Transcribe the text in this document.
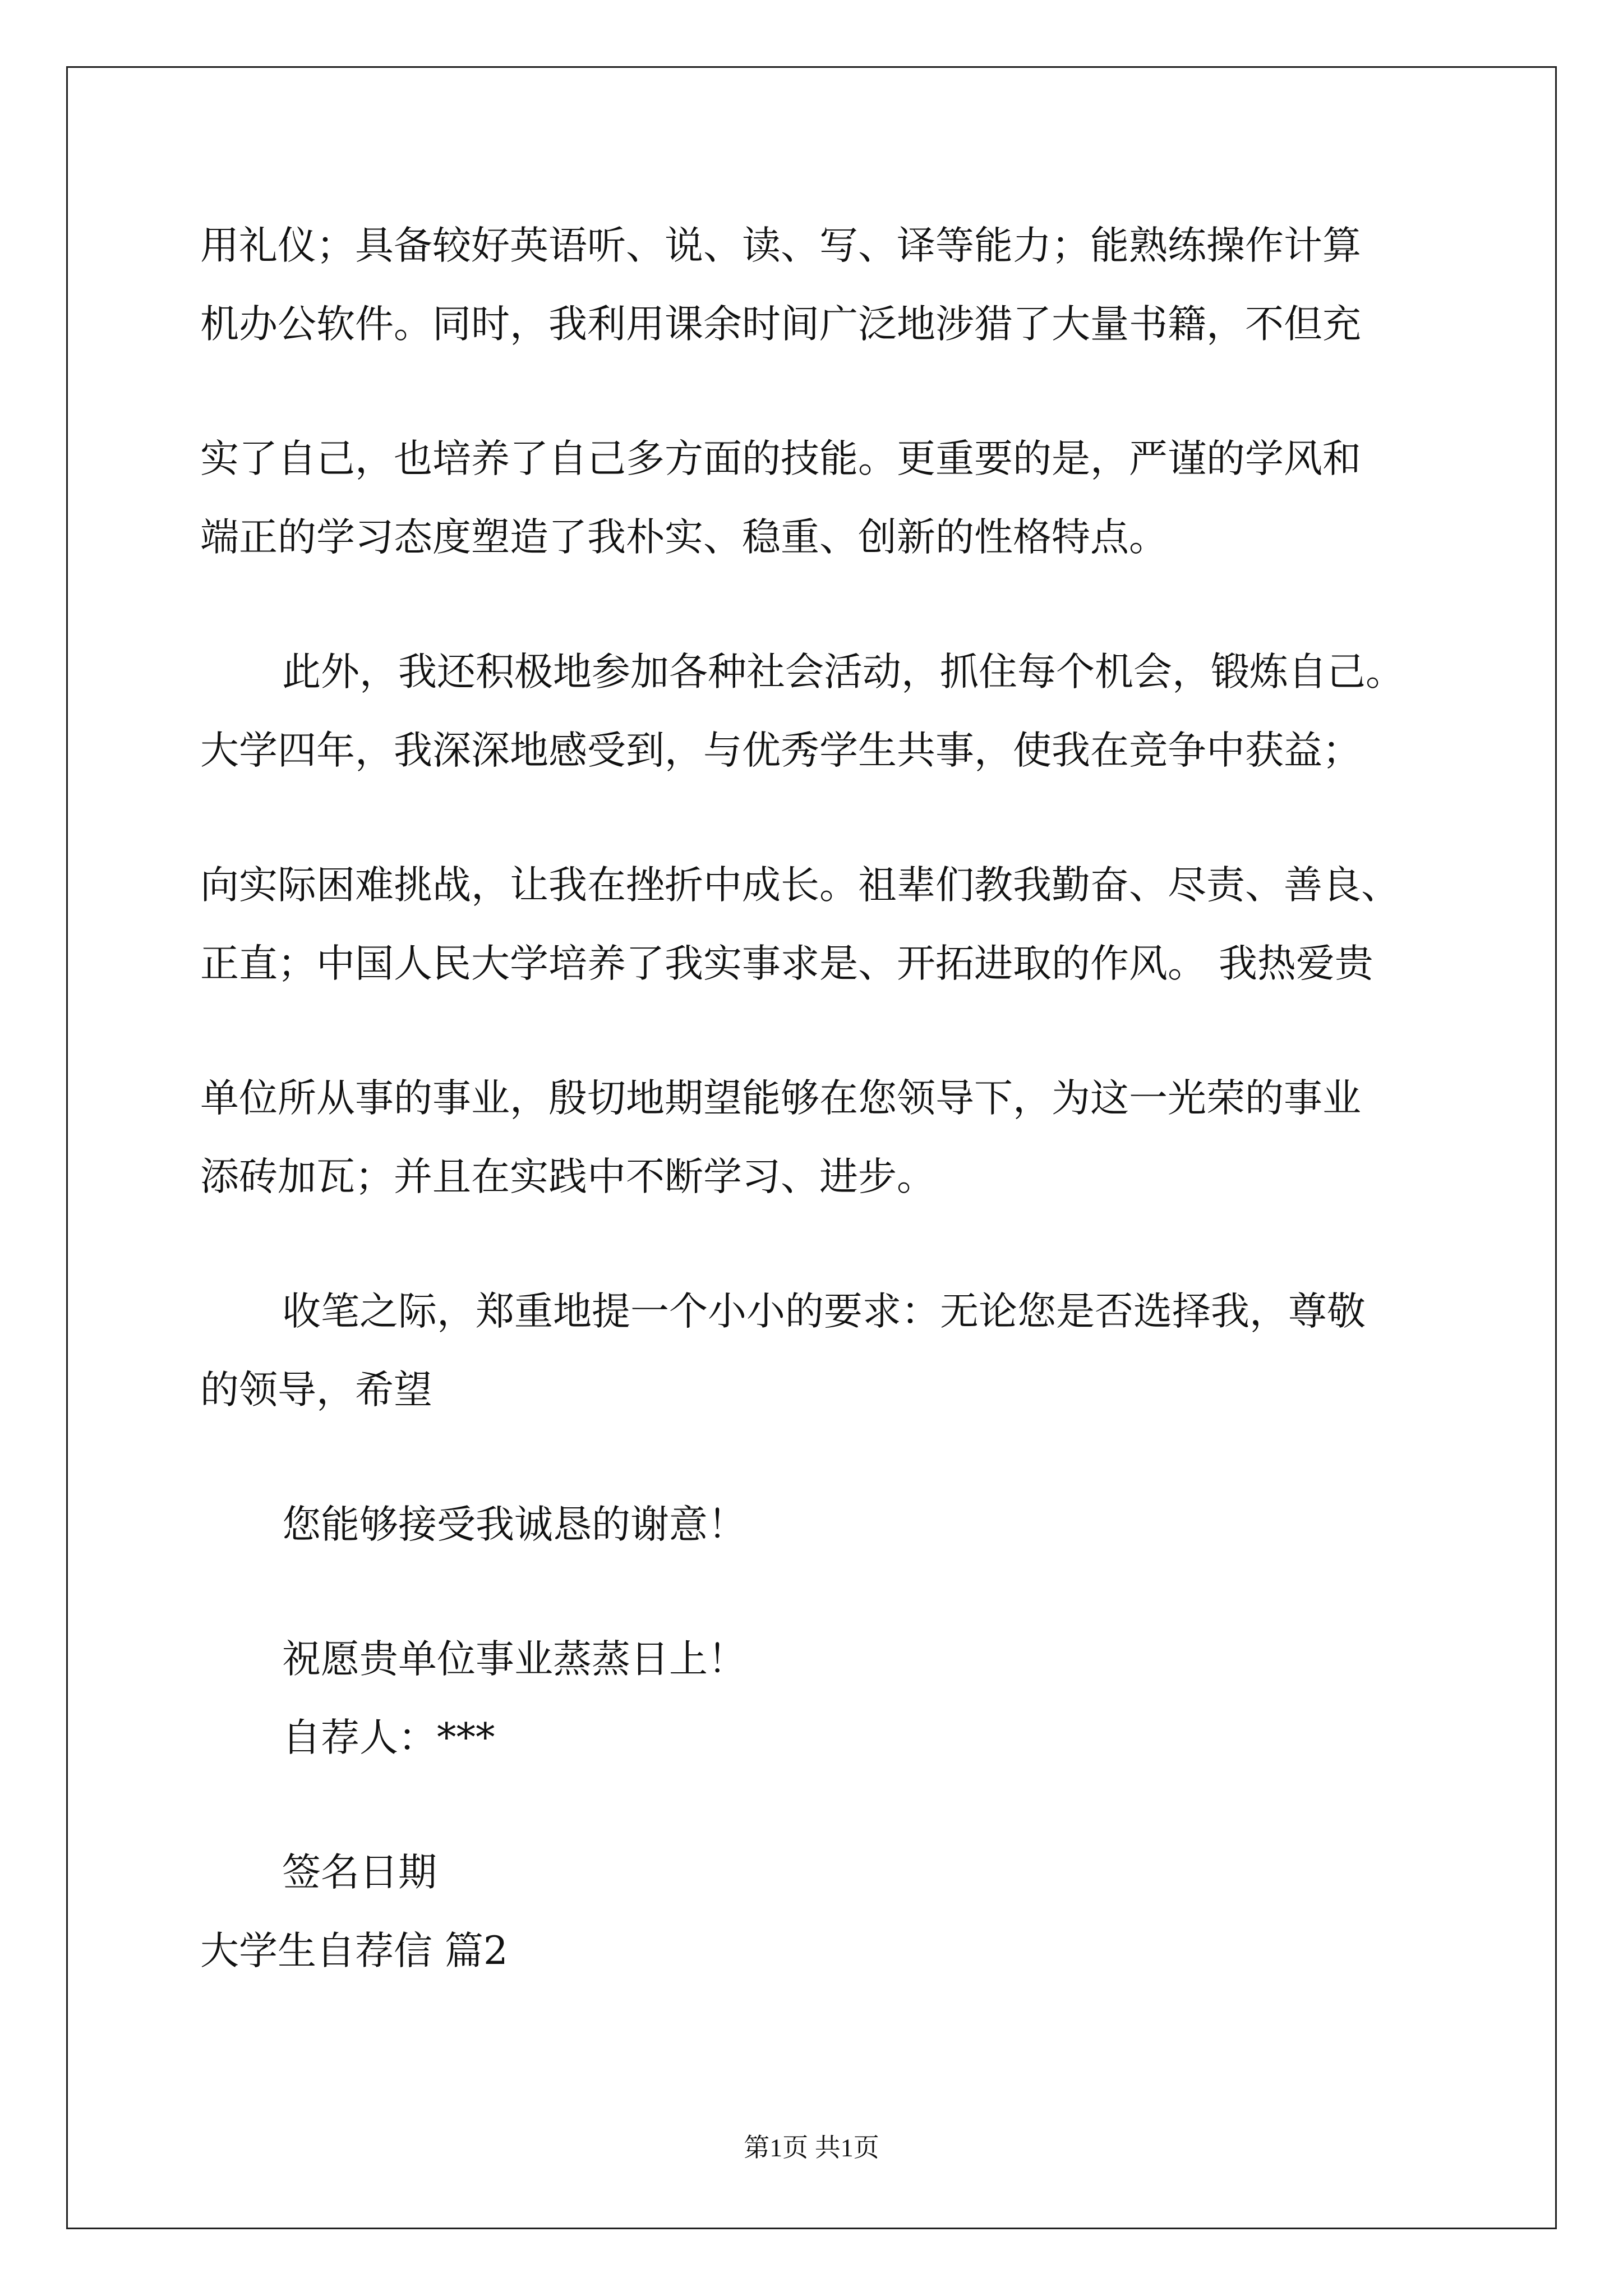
用礼仪；具备较好英语听、说、读、写、译等能力；能熟练操作计算
机办公软件。同时，我利用课余时间广泛地涉猎了大量书籍，不但充
实了自己，也培养了自己多方面的技能。更重要的是，严谨的学风和
端正的学习态度塑造了我朴实、稳重、创新的性格特点。
此外，我还积极地参加各种社会活动，抓住每个机会，锻炼自己。
大学四年，我深深地感受到，与优秀学生共事，使我在竞争中获益；
向实际困难挑战，让我在挫折中成长。祖辈们教我勤奋、尽责、善良、
正直；中国人民大学培养了我实事求是、开拓进取的作风。 我热爱贵
单位所从事的事业，殷切地期望能够在您领导下，为这一光荣的事业
添砖加瓦；并且在实践中不断学习、进步。
收笔之际，郑重地提一个小小的要求：无论您是否选择我，尊敬
的领导，希望
您能够接受我诚恳的谢意！
祝愿贵单位事业蒸蒸日上！
自荐人：***
签名日期
大学生自荐信 篇2
第1页 共1页
